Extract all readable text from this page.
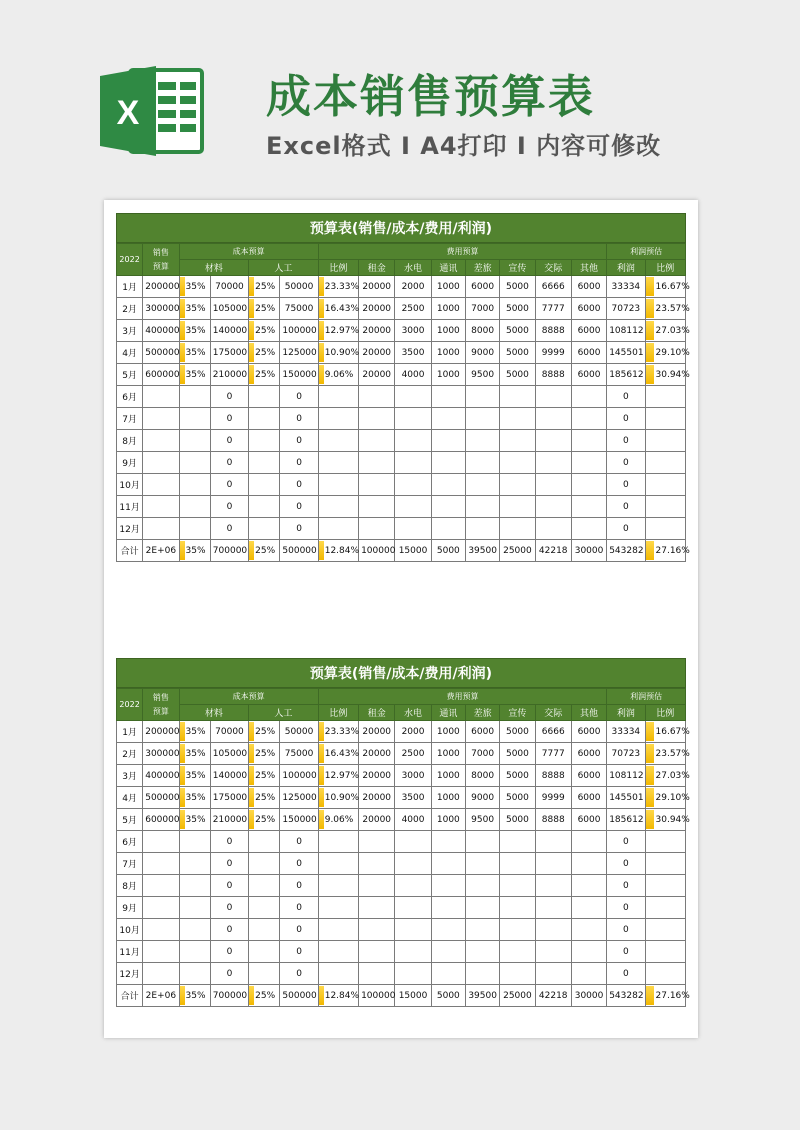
X	成本销售预算表
Excel格式 I A4打印 I 内容可修改
预算表(销售/成本/费用/利润)
2022	销售
预算	成本预算				费用预算								利润预估	
		材料		人工		比例	租金	水电	通讯	差旅	宣传	交际	其他	利润	比例
1月	200000	35%	70000	25%	50000	23.33%	20000	2000	1000	6000	5000	6666	6000	33334	16.67%
2月	300000	35%	105000	25%	75000	16.43%	20000	2500	1000	7000	5000	7777	6000	70723	23.57%
3月	400000	35%	140000	25%	100000	12.97%	20000	3000	1000	8000	5000	8888	6000	108112	27.03%
4月	500000	35%	175000	25%	125000	10.90%	20000	3500	1000	9000	5000	9999	6000	145501	29.10%
5月	600000	35%	210000	25%	150000	9.06%	20000	4000	1000	9500	5000	8888	6000	185612	30.94%
6月			0		0									0	
7月			0		0									0	
8月			0		0									0	
9月			0		0									0	
10月			0		0									0	
11月			0		0									0	
12月			0		0									0	
合计	2E+06	35%	700000	25%	500000	12.84%	100000	15000	5000	39500	25000	42218	30000	543282	27.16%
预算表(销售/成本/费用/利润)
2022	销售
预算	成本预算				费用预算								利润预估	
		材料		人工		比例	租金	水电	通讯	差旅	宣传	交际	其他	利润	比例
1月	200000	35%	70000	25%	50000	23.33%	20000	2000	1000	6000	5000	6666	6000	33334	16.67%
2月	300000	35%	105000	25%	75000	16.43%	20000	2500	1000	7000	5000	7777	6000	70723	23.57%
3月	400000	35%	140000	25%	100000	12.97%	20000	3000	1000	8000	5000	8888	6000	108112	27.03%
4月	500000	35%	175000	25%	125000	10.90%	20000	3500	1000	9000	5000	9999	6000	145501	29.10%
5月	600000	35%	210000	25%	150000	9.06%	20000	4000	1000	9500	5000	8888	6000	185612	30.94%
6月			0		0									0	
7月			0		0									0	
8月			0		0									0	
9月			0		0									0	
10月			0		0									0	
11月			0		0									0	
12月			0		0									0	
合计	2E+06	35%	700000	25%	500000	12.84%	100000	15000	5000	39500	25000	42218	30000	543282	27.16%
